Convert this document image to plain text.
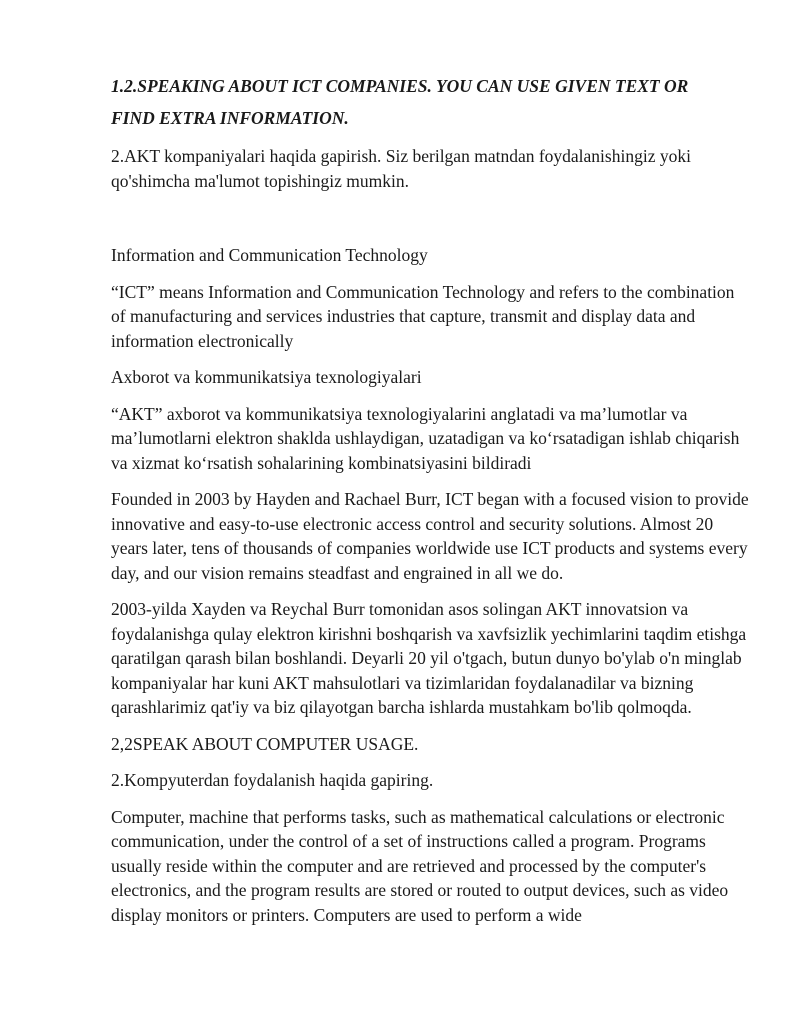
1.2.SPEAKING ABOUT ICT COMPANIES. YOU CAN USE GIVEN TEXT OR
FIND EXTRA INFORMATION.

2.AKT kompaniyalari haqida gapirish. Siz berilgan matndan foydalanishingiz yoki qo'shimcha ma'lumot topishingiz mumkin.

Information and Communication Technology

“ICT” means Information and Communication Technology and refers to the combination of manufacturing and services industries that capture, transmit and display data and information electronically

Axborot va kommunikatsiya texnologiyalari

“AKT” axborot va kommunikatsiya texnologiyalarini anglatadi va ma’lumotlar va ma’lumotlarni elektron shaklda ushlaydigan, uzatadigan va ko‘rsatadigan ishlab chiqarish va xizmat ko‘rsatish sohalarining kombinatsiyasini bildiradi

Founded in 2003 by Hayden and Rachael Burr, ICT began with a focused vision to provide innovative and easy-to-use electronic access control and security solutions. Almost 20 years later, tens of thousands of companies worldwide use ICT products and systems every day, and our vision remains steadfast and engrained in all we do.

2003-yilda Xayden va Reychal Burr tomonidan asos solingan AKT innovatsion va foydalanishga qulay elektron kirishni boshqarish va xavfsizlik yechimlarini taqdim etishga qaratilgan qarash bilan boshlandi. Deyarli 20 yil o'tgach, butun dunyo bo'ylab o'n minglab kompaniyalar har kuni AKT mahsulotlari va tizimlaridan foydalanadilar va bizning qarashlarimiz qat'iy va biz qilayotgan barcha ishlarda mustahkam bo'lib qolmoqda.

2,2SPEAK ABOUT COMPUTER USAGE.

2.Kompyuterdan foydalanish haqida gapiring.

Computer, machine that performs tasks, such as mathematical calculations or electronic communication, under the control of a set of instructions called a program. Programs usually reside within the computer and are retrieved and processed by the computer's electronics, and the program results are stored or routed to output devices, such as video display monitors or printers. Computers are used to perform a wide
